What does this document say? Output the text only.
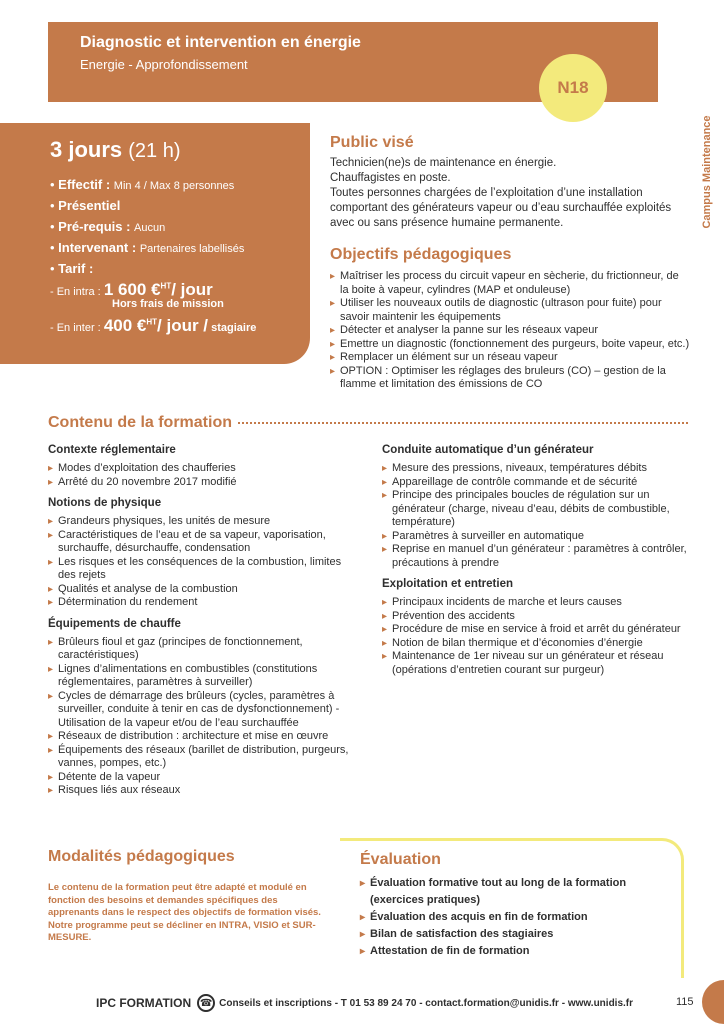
Diagnostic et intervention en énergie
Energie - Approfondissement
N18
Campus Maintenance
3 jours (21 h)
• Effectif : Min 4 / Max 8 personnes
• Présentiel
• Pré-requis : Aucun
• Intervenant : Partenaires labellisés
• Tarif :
- En intra : 1 600 €$^{HT}$/ jour
Hors frais de mission
- En inter : 400 €$^{HT}$/ jour / stagiaire
Public visé

Technicien(ne)s de maintenance en énergie.
Chauffagistes en poste.
Toutes personnes chargées de l’exploitation d’une installation comportant des générateurs vapeur ou d’eau surchauffée exploités avec ou sans présence humaine permanente.

Objectifs pédagogiques
▸ Maîtriser les process du circuit vapeur en sècherie, du frictionneur, de la boite à vapeur, cylindres (MAP et onduleuse)
▸ Utiliser les nouveaux outils de diagnostic (ultrason pour fuite) pour savoir maintenir les équipements
▸ Détecter et analyser la panne sur les réseaux vapeur
▸ Emettre un diagnostic (fonctionnement des purgeurs, boite vapeur, etc.)
▸ Remplacer un élément sur un réseau vapeur
▸ OPTION : Optimiser les réglages des bruleurs (CO) – gestion de la flamme et limitation des émissions de CO
Contenu de la formation
Contexte réglementaire
▸ Modes d’exploitation des chaufferies
▸ Arrêté du 20 novembre 2017 modifié
Notions de physique
▸ Grandeurs physiques, les unités de mesure
▸ Caractéristiques de l’eau et de sa vapeur, vaporisation, surchauffe, désurchauffe, condensation
▸ Les risques et les conséquences de la combustion, limites des rejets
▸ Qualités et analyse de la combustion
▸ Détermination du rendement
Équipements de chauffe
▸ Brûleurs fioul et gaz (principes de fonctionnement, caractéristiques)
▸ Lignes d’alimentations en combustibles (constitutions réglementaires, paramètres à surveiller)
▸ Cycles de démarrage des brûleurs (cycles, paramètres à surveiller, conduite à tenir en cas de dysfonctionnement) - Utilisation de la vapeur et/ou de l’eau surchauffée
▸ Réseaux de distribution : architecture et mise en œuvre
▸ Équipements des réseaux (barillet de distribution, purgeurs, vannes, pompes, etc.)
▸ Détente de la vapeur
▸ Risques liés aux réseaux
Conduite automatique d’un générateur
▸ Mesure des pressions, niveaux, températures débits
▸ Appareillage de contrôle commande et de sécurité
▸ Principe des principales boucles de régulation sur un générateur (charge, niveau d’eau, débits de combustible, température)
▸ Paramètres à surveiller en automatique
▸ Reprise en manuel d’un générateur : paramètres à contrôler, précautions à prendre
Exploitation et entretien
▸ Principaux incidents de marche et leurs causes
▸ Prévention des accidents
▸ Procédure de mise en service à froid et arrêt du générateur
▸ Notion de bilan thermique et d’économies d’énergie
▸ Maintenance de 1er niveau sur un générateur et réseau (opérations d’entretien courant sur purgeur)
Modalités pédagogiques
Le contenu de la formation peut être adapté et modulé en fonction des besoins et demandes spécifiques des apprenants dans le respect des objectifs de formation visés. Notre programme peut se décliner en INTRA, VISIO et SUR-MESURE.
Évaluation
▸ Évaluation formative tout au long de la formation (exercices pratiques)
▸ Évaluation des acquis en fin de formation
▸ Bilan de satisfaction des stagiaires
▸ Attestation de fin de formation
IPC FORMATION ☎ Conseils et inscriptions - T 01 53 89 24 70 - contact.formation@unidis.fr - www.unidis.fr	115
